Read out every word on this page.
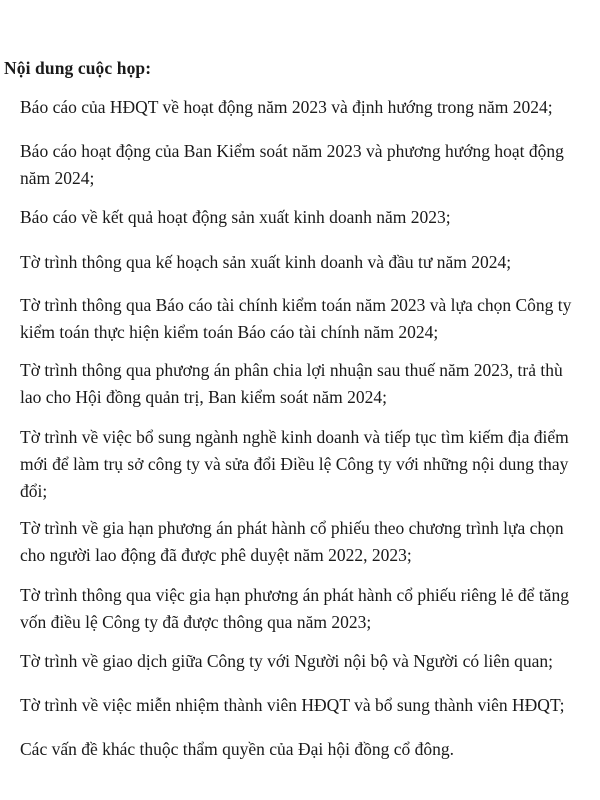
Nội dung cuộc họp:
Báo cáo của HĐQT về hoạt động năm 2023 và định hướng trong năm 2024;
Báo cáo hoạt động của Ban Kiểm soát năm 2023 và phương hướng hoạt động
năm 2024;
Báo cáo về kết quả hoạt động sản xuất kinh doanh năm 2023;
Tờ trình thông qua kế hoạch sản xuất kinh doanh và đầu tư năm 2024;
Tờ trình thông qua Báo cáo tài chính kiểm toán năm 2023 và lựa chọn Công ty
kiểm toán thực hiện kiểm toán Báo cáo tài chính năm 2024;
Tờ trình thông qua phương án phân chia lợi nhuận sau thuế năm 2023, trả thù
lao cho Hội đồng quản trị, Ban kiểm soát năm 2024;
Tờ trình về việc bổ sung ngành nghề kinh doanh và tiếp tục tìm kiếm địa điểm
mới để làm trụ sở công ty và sửa đổi Điều lệ Công ty với những nội dung thay
đổi;
Tờ trình về gia hạn phương án phát hành cổ phiếu theo chương trình lựa chọn
cho người lao động đã được phê duyệt năm 2022, 2023;
Tờ trình thông qua việc gia hạn phương án phát hành cổ phiếu riêng lẻ để tăng
vốn điều lệ Công ty đã được thông qua năm 2023;
Tờ trình về giao dịch giữa Công ty với Người nội bộ và Người có liên quan;
Tờ trình về việc miễn nhiệm thành viên HĐQT và bổ sung thành viên HĐQT;
Các vấn đề khác thuộc thẩm quyền của Đại hội đồng cổ đông.
